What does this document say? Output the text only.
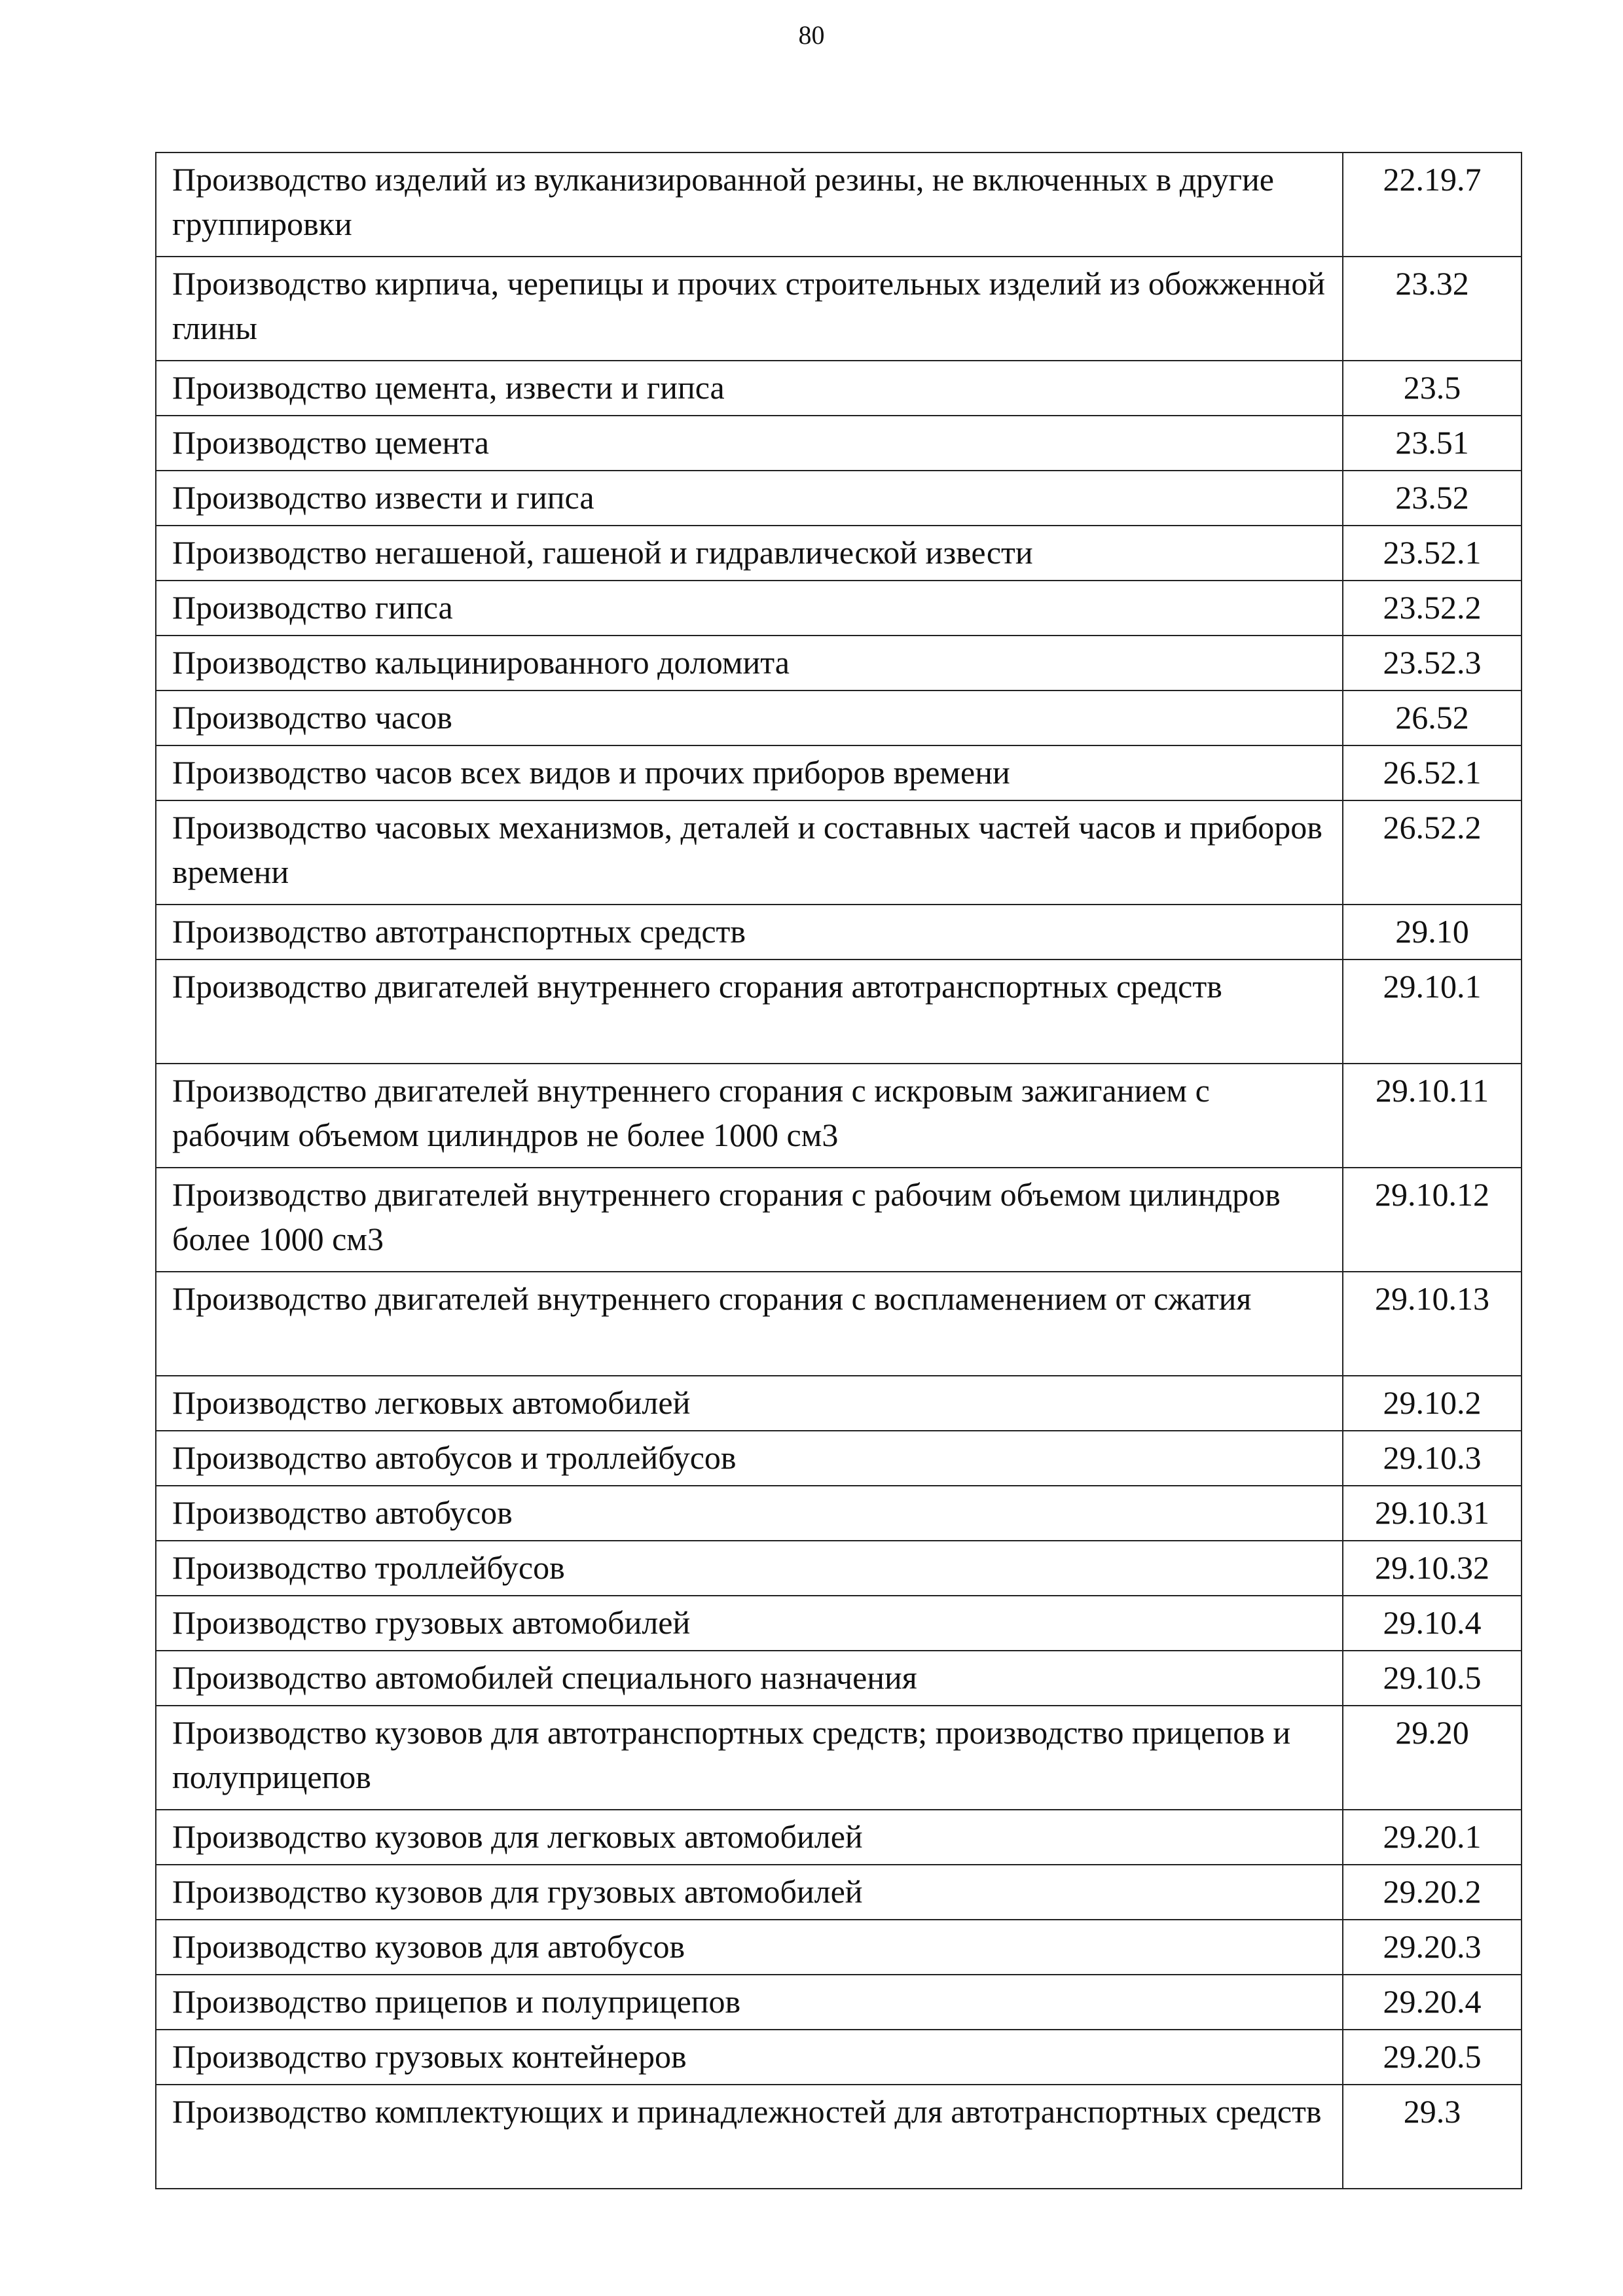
80
Производство изделий из вулканизированной резины, не включенных в другие группировки	22.19.7
Производство кирпича, черепицы и прочих строительных изделий из обожженной глины	23.32
Производство цемента, извести и гипса	23.5
Производство цемента	23.51
Производство извести и гипса	23.52
Производство негашеной, гашеной и гидравлической извести	23.52.1
Производство гипса	23.52.2
Производство кальцинированного доломита	23.52.3
Производство часов	26.52
Производство часов всех видов и прочих приборов времени	26.52.1
Производство часовых механизмов, деталей и составных частей часов и приборов времени	26.52.2
Производство автотранспортных средств	29.10
Производство двигателей внутреннего сгорания автотранспортных средств	29.10.1
Производство двигателей внутреннего сгорания с искровым зажиганием с рабочим объемом цилиндров не более 1000 см3	29.10.11
Производство двигателей внутреннего сгорания с рабочим объемом цилиндров более 1000 см3	29.10.12
Производство двигателей внутреннего сгорания с воспламенением от сжатия	29.10.13
Производство легковых автомобилей	29.10.2
Производство автобусов и троллейбусов	29.10.3
Производство автобусов	29.10.31
Производство троллейбусов	29.10.32
Производство грузовых автомобилей	29.10.4
Производство автомобилей специального назначения	29.10.5
Производство кузовов для автотранспортных средств; производство прицепов и полуприцепов	29.20
Производство кузовов для легковых автомобилей	29.20.1
Производство кузовов для грузовых автомобилей	29.20.2
Производство кузовов для автобусов	29.20.3
Производство прицепов и полуприцепов	29.20.4
Производство грузовых контейнеров	29.20.5
Производство комплектующих и принадлежностей для автотранспортных средств	29.3
